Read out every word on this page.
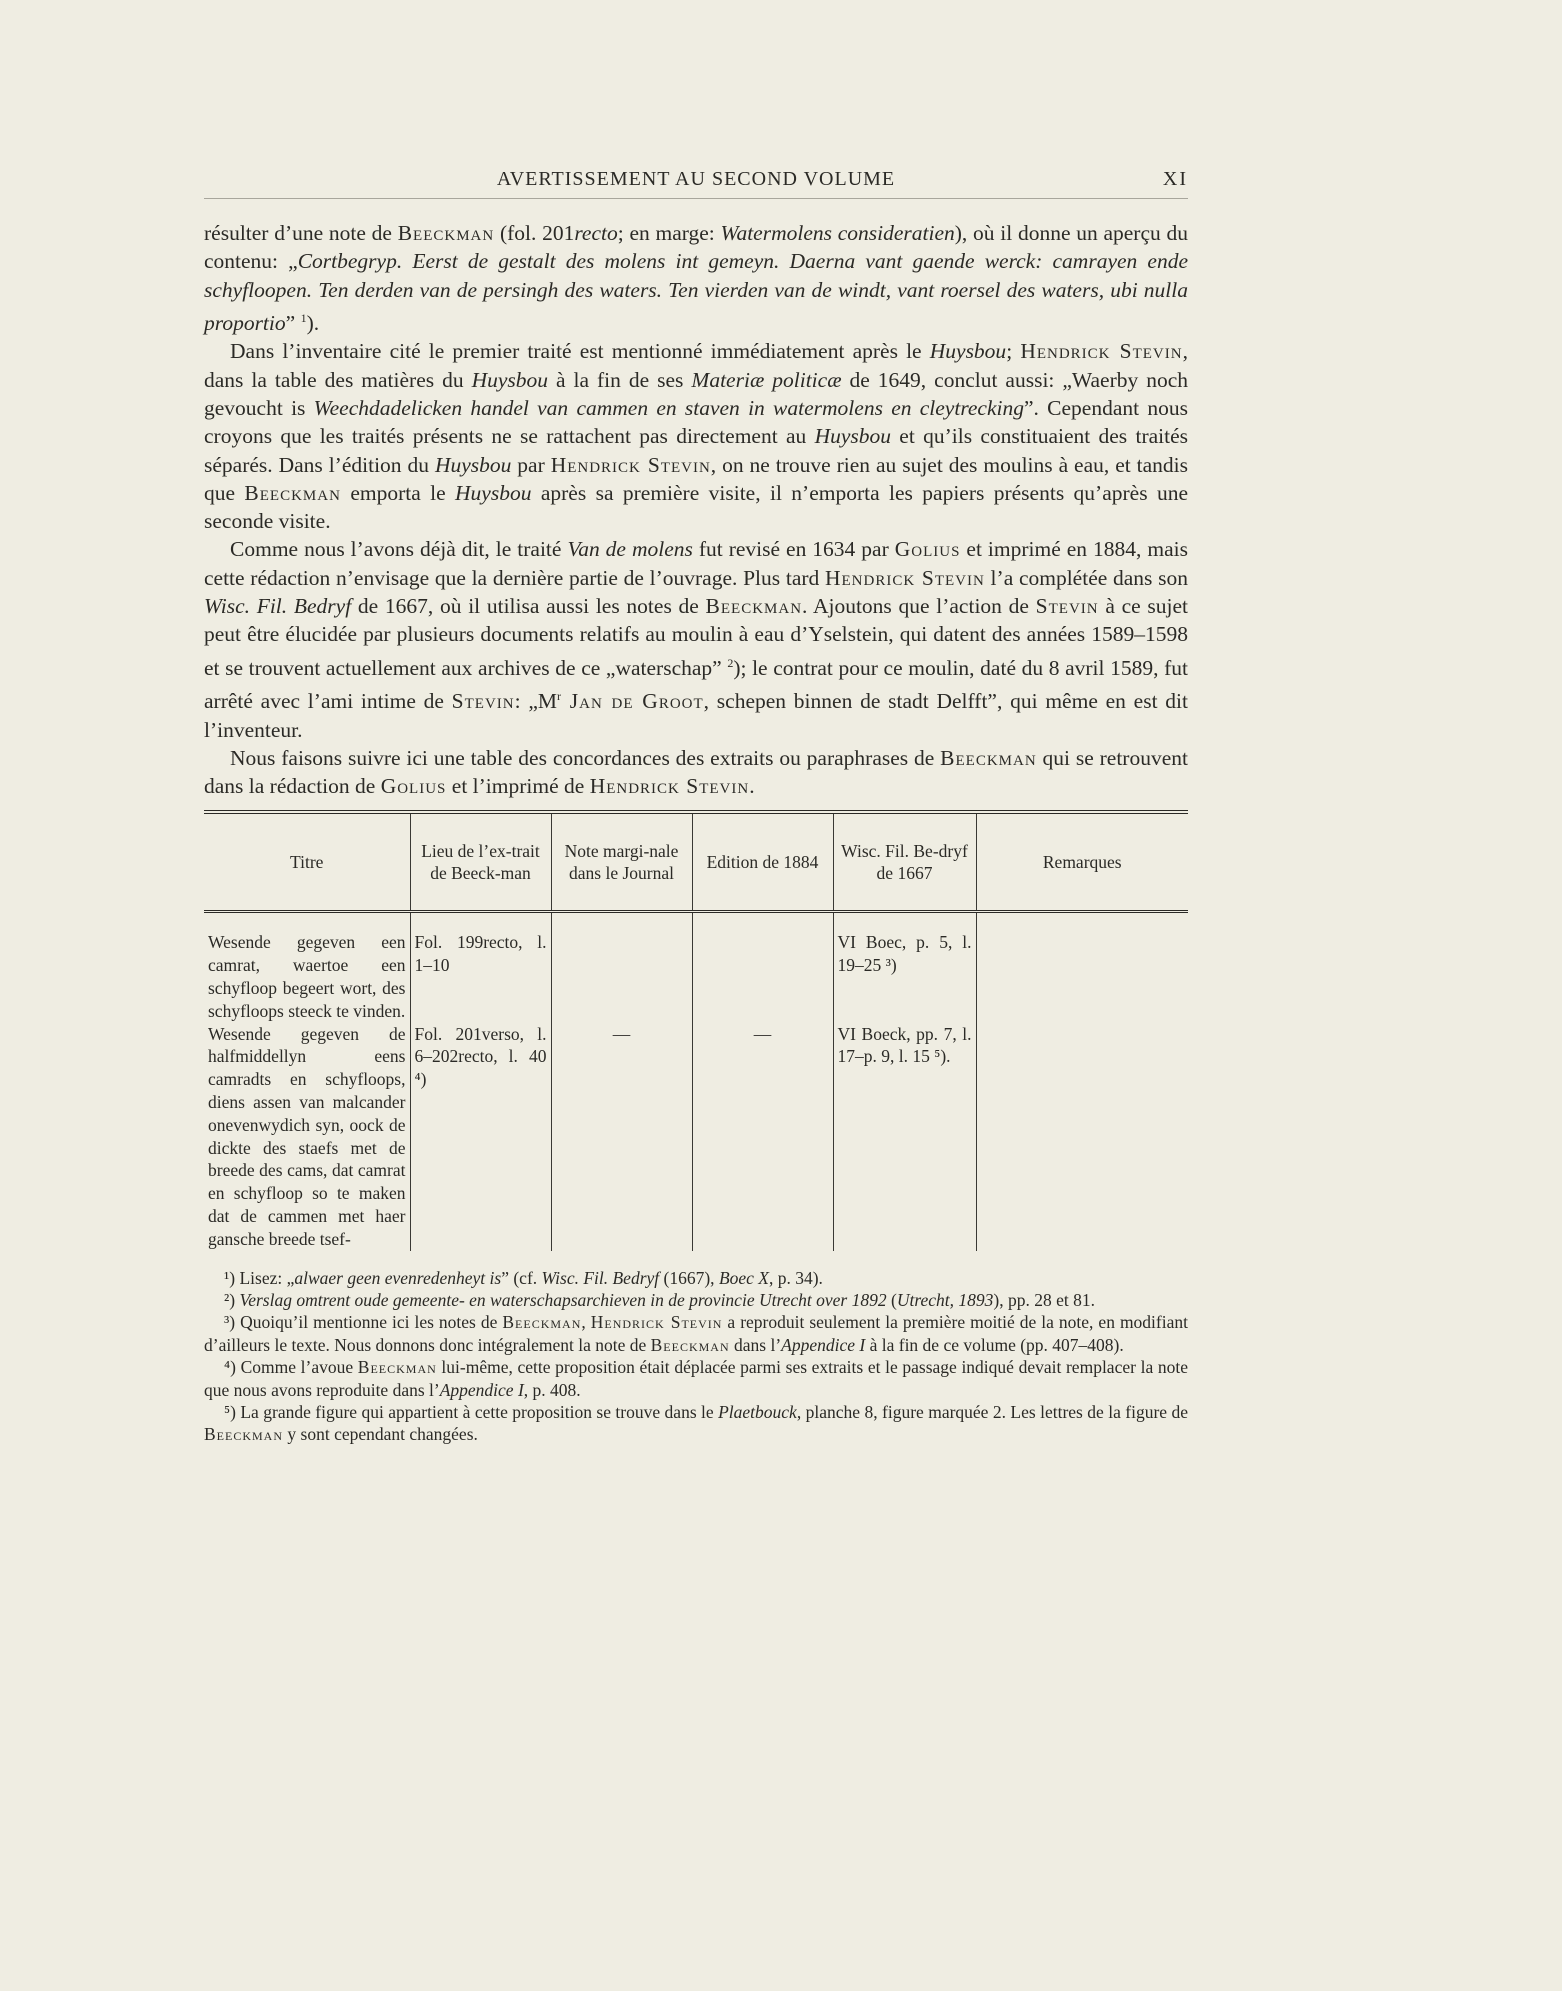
AVERTISSEMENT AU SECOND VOLUME	XI

résulter d’une note de Beeckman (fol. 201recto; en marge: Watermolens consideratien), où il donne un aperçu du contenu: „Cortbegryp. Eerst de gestalt des molens int gemeyn. Daerna vant gaende werck: camrayen ende schyfloopen. Ten derden van de persingh des waters. Ten vierden van de windt, vant roersel des waters, ubi nulla proportio” $^1$).

Dans l’inventaire cité le premier traité est mentionné immédiatement après le Huysbou; Hendrick Stevin, dans la table des matières du Huysbou à la fin de ses Materiæ politicæ de 1649, conclut aussi: „Waerby noch gevoucht is Weechdadelicken handel van cammen en staven in watermolens en cleytrecking”. Cependant nous croyons que les traités présents ne se rattachent pas directement au Huysbou et qu’ils constituaient des traités séparés. Dans l’édition du Huysbou par Hendrick Stevin, on ne trouve rien au sujet des moulins à eau, et tandis que Beeckman emporta le Huysbou après sa première visite, il n’emporta les papiers présents qu’après une seconde visite.

Comme nous l’avons déjà dit, le traité Van de molens fut revisé en 1634 par Golius et imprimé en 1884, mais cette rédaction n’envisage que la dernière partie de l’ouvrage. Plus tard Hendrick Stevin l’a complétée dans son Wisc. Fil. Bedryf de 1667, où il utilisa aussi les notes de Beeckman. Ajoutons que l’action de Stevin à ce sujet peut être élucidée par plusieurs documents relatifs au moulin à eau d’Yselstein, qui datent des années 1589–1598 et se trouvent actuellement aux archives de ce „waterschap” $^2$); le contrat pour ce moulin, daté du 8 avril 1589, fut arrêté avec l’ami intime de Stevin: $„M^r$ Jan de Groot, schepen binnen de stadt Delfft”, qui même en est dit l’inventeur.

Nous faisons suivre ici une table des concordances des extraits ou paraphrases de Beeckman qui se retrouvent dans la rédaction de Golius et l’imprimé de Hendrick Stevin.

Titre	Lieu de l’ex-trait de Beeck-man	Note margi-nale dans le Journal	Edition de 1884	Wisc. Fil. Be-dryf de 1667	Remarques

Wesende gegeven een camrat, waertoe een schyfloop begeert wort, des schyfloops steeck te vinden.	Fol. 199recto, l. 1–10			VI Boec, p. 5, l. 19–25 ³)	
Wesende gegeven de halfmiddellyn eens camradts en schyfloops, diens assen van malcander onevenwydich syn, oock de dickte des staefs met de breede des cams, dat camrat en schyfloop so te maken dat de cammen met haer gansche breede tsef-	Fol. 201verso, l. 6–202recto, l. 40 ⁴)	—	—	VI Boeck, pp. 7, l. 17–p. 9, l. 15 ⁵).	

¹) Lisez: „alwaer geen evenredenheyt is” (cf. Wisc. Fil. Bedryf (1667), Boec X, p. 34).

²) Verslag omtrent oude gemeente- en waterschapsarchieven in de provincie Utrecht over 1892 (Utrecht, 1893), pp. 28 et 81.

³) Quoiqu’il mentionne ici les notes de Beeckman, Hendrick Stevin a reproduit seulement la première moitié de la note, en modifiant d’ailleurs le texte. Nous donnons donc intégralement la note de Beeckman dans l’Appendice I à la fin de ce volume (pp. 407–408).

⁴) Comme l’avoue Beeckman lui-même, cette proposition était déplacée parmi ses extraits et le passage indiqué devait remplacer la note que nous avons reproduite dans l’Appendice I, p. 408.

⁵) La grande figure qui appartient à cette proposition se trouve dans le Plaetbouck, planche 8, figure marquée 2. Les lettres de la figure de Beeckman y sont cependant changées.
